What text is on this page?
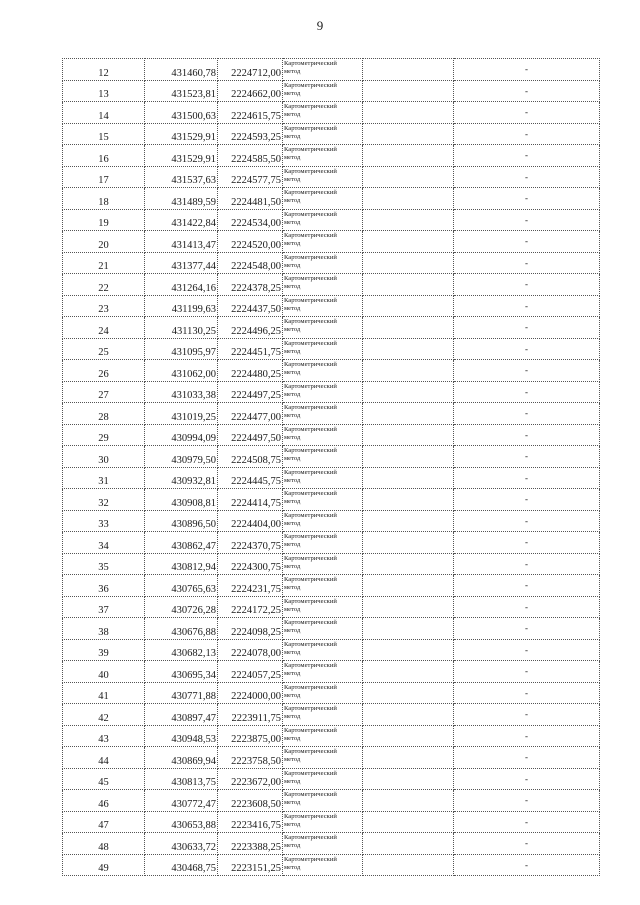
9
12	431460,78	2224712,00	Картометрический
метод		-
13	431523,81	2224662,00	Картометрический
метод		-
14	431500,63	2224615,75	Картометрический
метод		-
15	431529,91	2224593,25	Картометрический
метод		-
16	431529,91	2224585,50	Картометрический
метод		-
17	431537,63	2224577,75	Картометрический
метод		-
18	431489,59	2224481,50	Картометрический
метод		-
19	431422,84	2224534,00	Картометрический
метод		-
20	431413,47	2224520,00	Картометрический
метод		-
21	431377,44	2224548,00	Картометрический
метод		-
22	431264,16	2224378,25	Картометрический
метод		-
23	431199,63	2224437,50	Картометрический
метод		-
24	431130,25	2224496,25	Картометрический
метод		-
25	431095,97	2224451,75	Картометрический
метод		-
26	431062,00	2224480,25	Картометрический
метод		-
27	431033,38	2224497,25	Картометрический
метод		-
28	431019,25	2224477,00	Картометрический
метод		-
29	430994,09	2224497,50	Картометрический
метод		-
30	430979,50	2224508,75	Картометрический
метод		-
31	430932,81	2224445,75	Картометрический
метод		-
32	430908,81	2224414,75	Картометрический
метод		-
33	430896,50	2224404,00	Картометрический
метод		-
34	430862,47	2224370,75	Картометрический
метод		-
35	430812,94	2224300,75	Картометрический
метод		-
36	430765,63	2224231,75	Картометрический
метод		-
37	430726,28	2224172,25	Картометрический
метод		-
38	430676,88	2224098,25	Картометрический
метод		-
39	430682,13	2224078,00	Картометрический
метод		-
40	430695,34	2224057,25	Картометрический
метод		-
41	430771,88	2224000,00	Картометрический
метод		-
42	430897,47	2223911,75	Картометрический
метод		-
43	430948,53	2223875,00	Картометрический
метод		-
44	430869,94	2223758,50	Картометрический
метод		-
45	430813,75	2223672,00	Картометрический
метод		-
46	430772,47	2223608,50	Картометрический
метод		-
47	430653,88	2223416,75	Картометрический
метод		-
48	430633,72	2223388,25	Картометрический
метод		-
49	430468,75	2223151,25	Картометрический
метод		-
